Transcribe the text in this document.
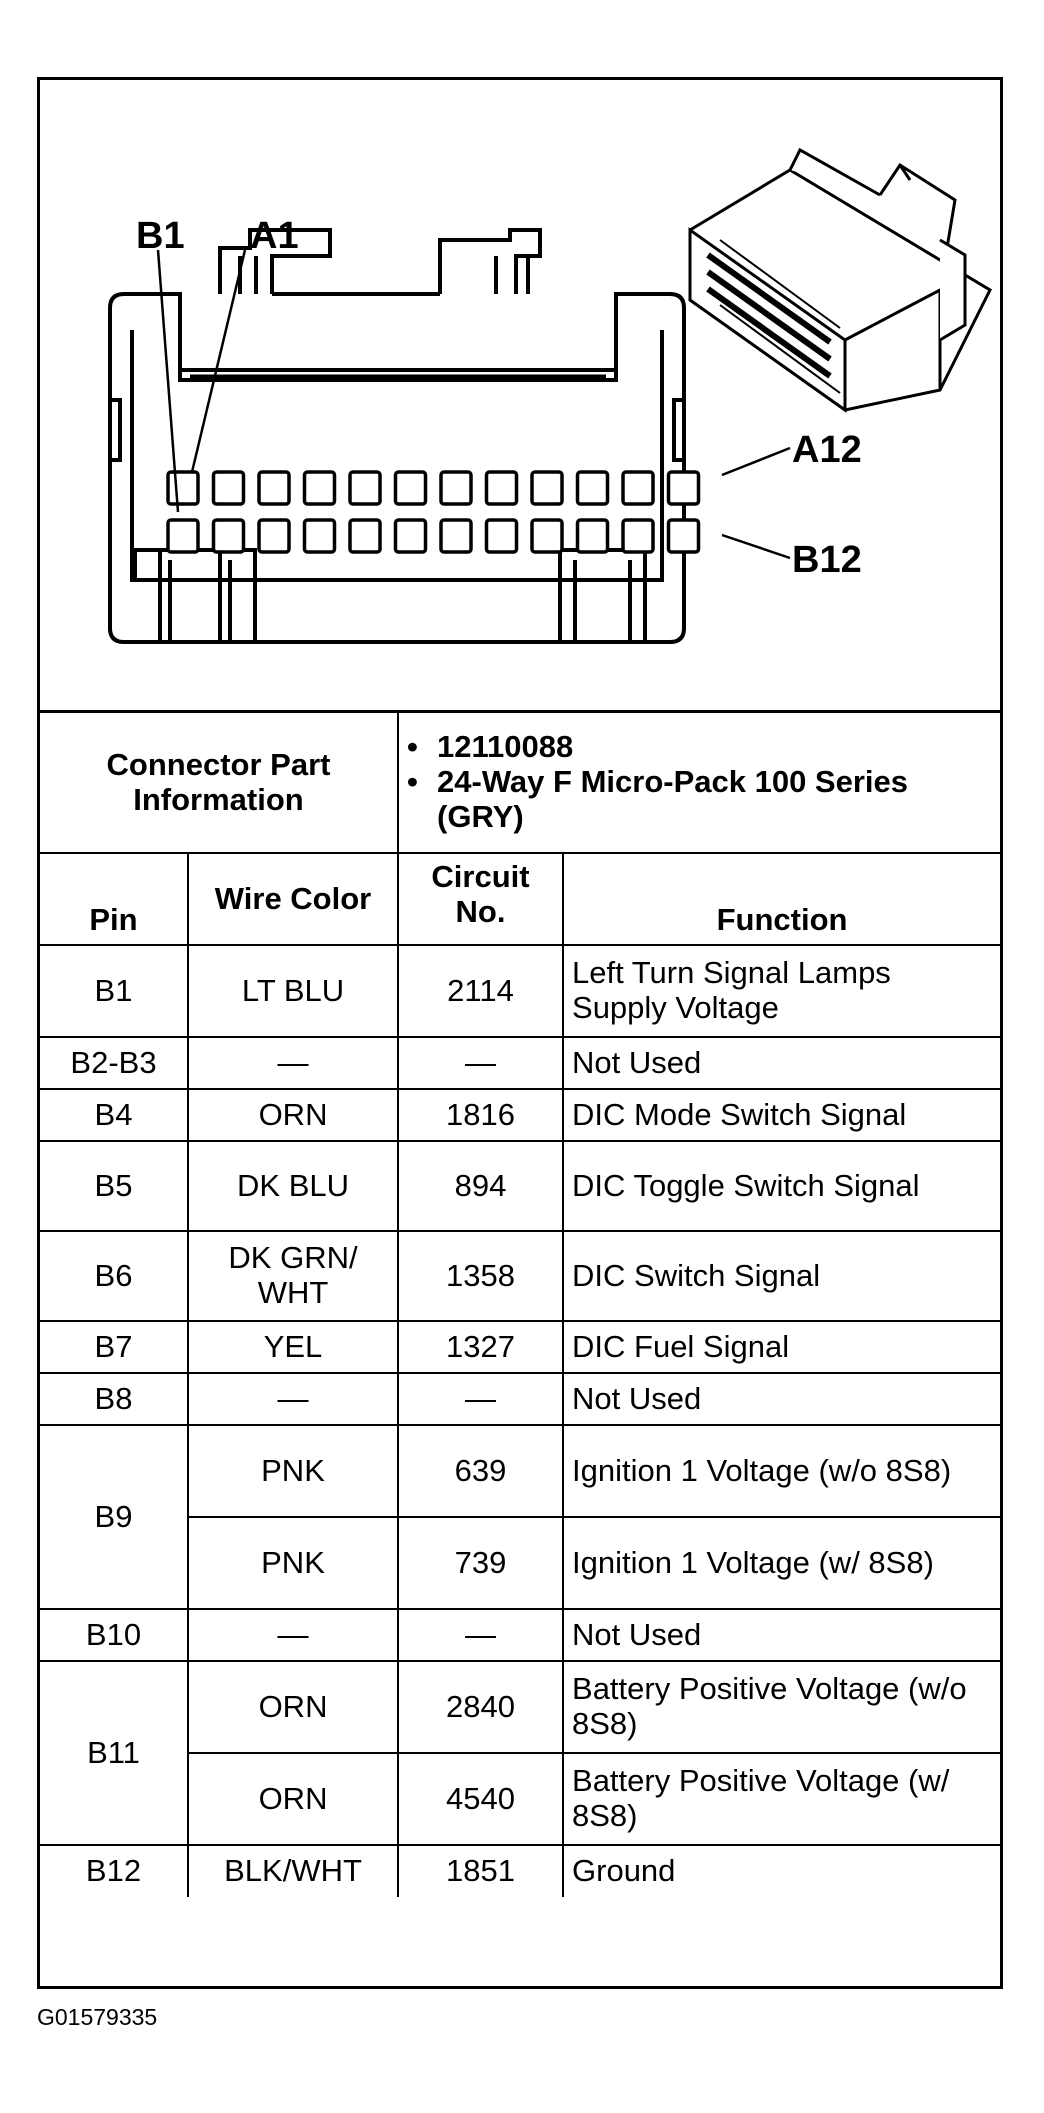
B1 A1
A12
B12
Connector Part Information		• 12110088
• 24-Way F Micro-Pack 100 Series (GRY)	

Pin	Wire Color	Circuit No.	Function
B1	LT BLU	2114	Left Turn Signal Lamps Supply Voltage
B2-B3	—	—	Not Used
B4	ORN	1816	DIC Mode Switch Signal
B5	DK BLU	894	DIC Toggle Switch Signal
B6	DK GRN/ WHT	1358	DIC Switch Signal
B7	YEL	1327	DIC Fuel Signal
B8	—	—	Not Used
B9	PNK	639	Ignition 1 Voltage (w/o 8S8)
	PNK	739	Ignition 1 Voltage (w/ 8S8)
B10	—	—	Not Used
B11	ORN	2840	Battery Positive Voltage (w/o 8S8)
	ORN	4540	Battery Positive Voltage (w/ 8S8)
B12	BLK/WHT	1851	Ground
G01579335
